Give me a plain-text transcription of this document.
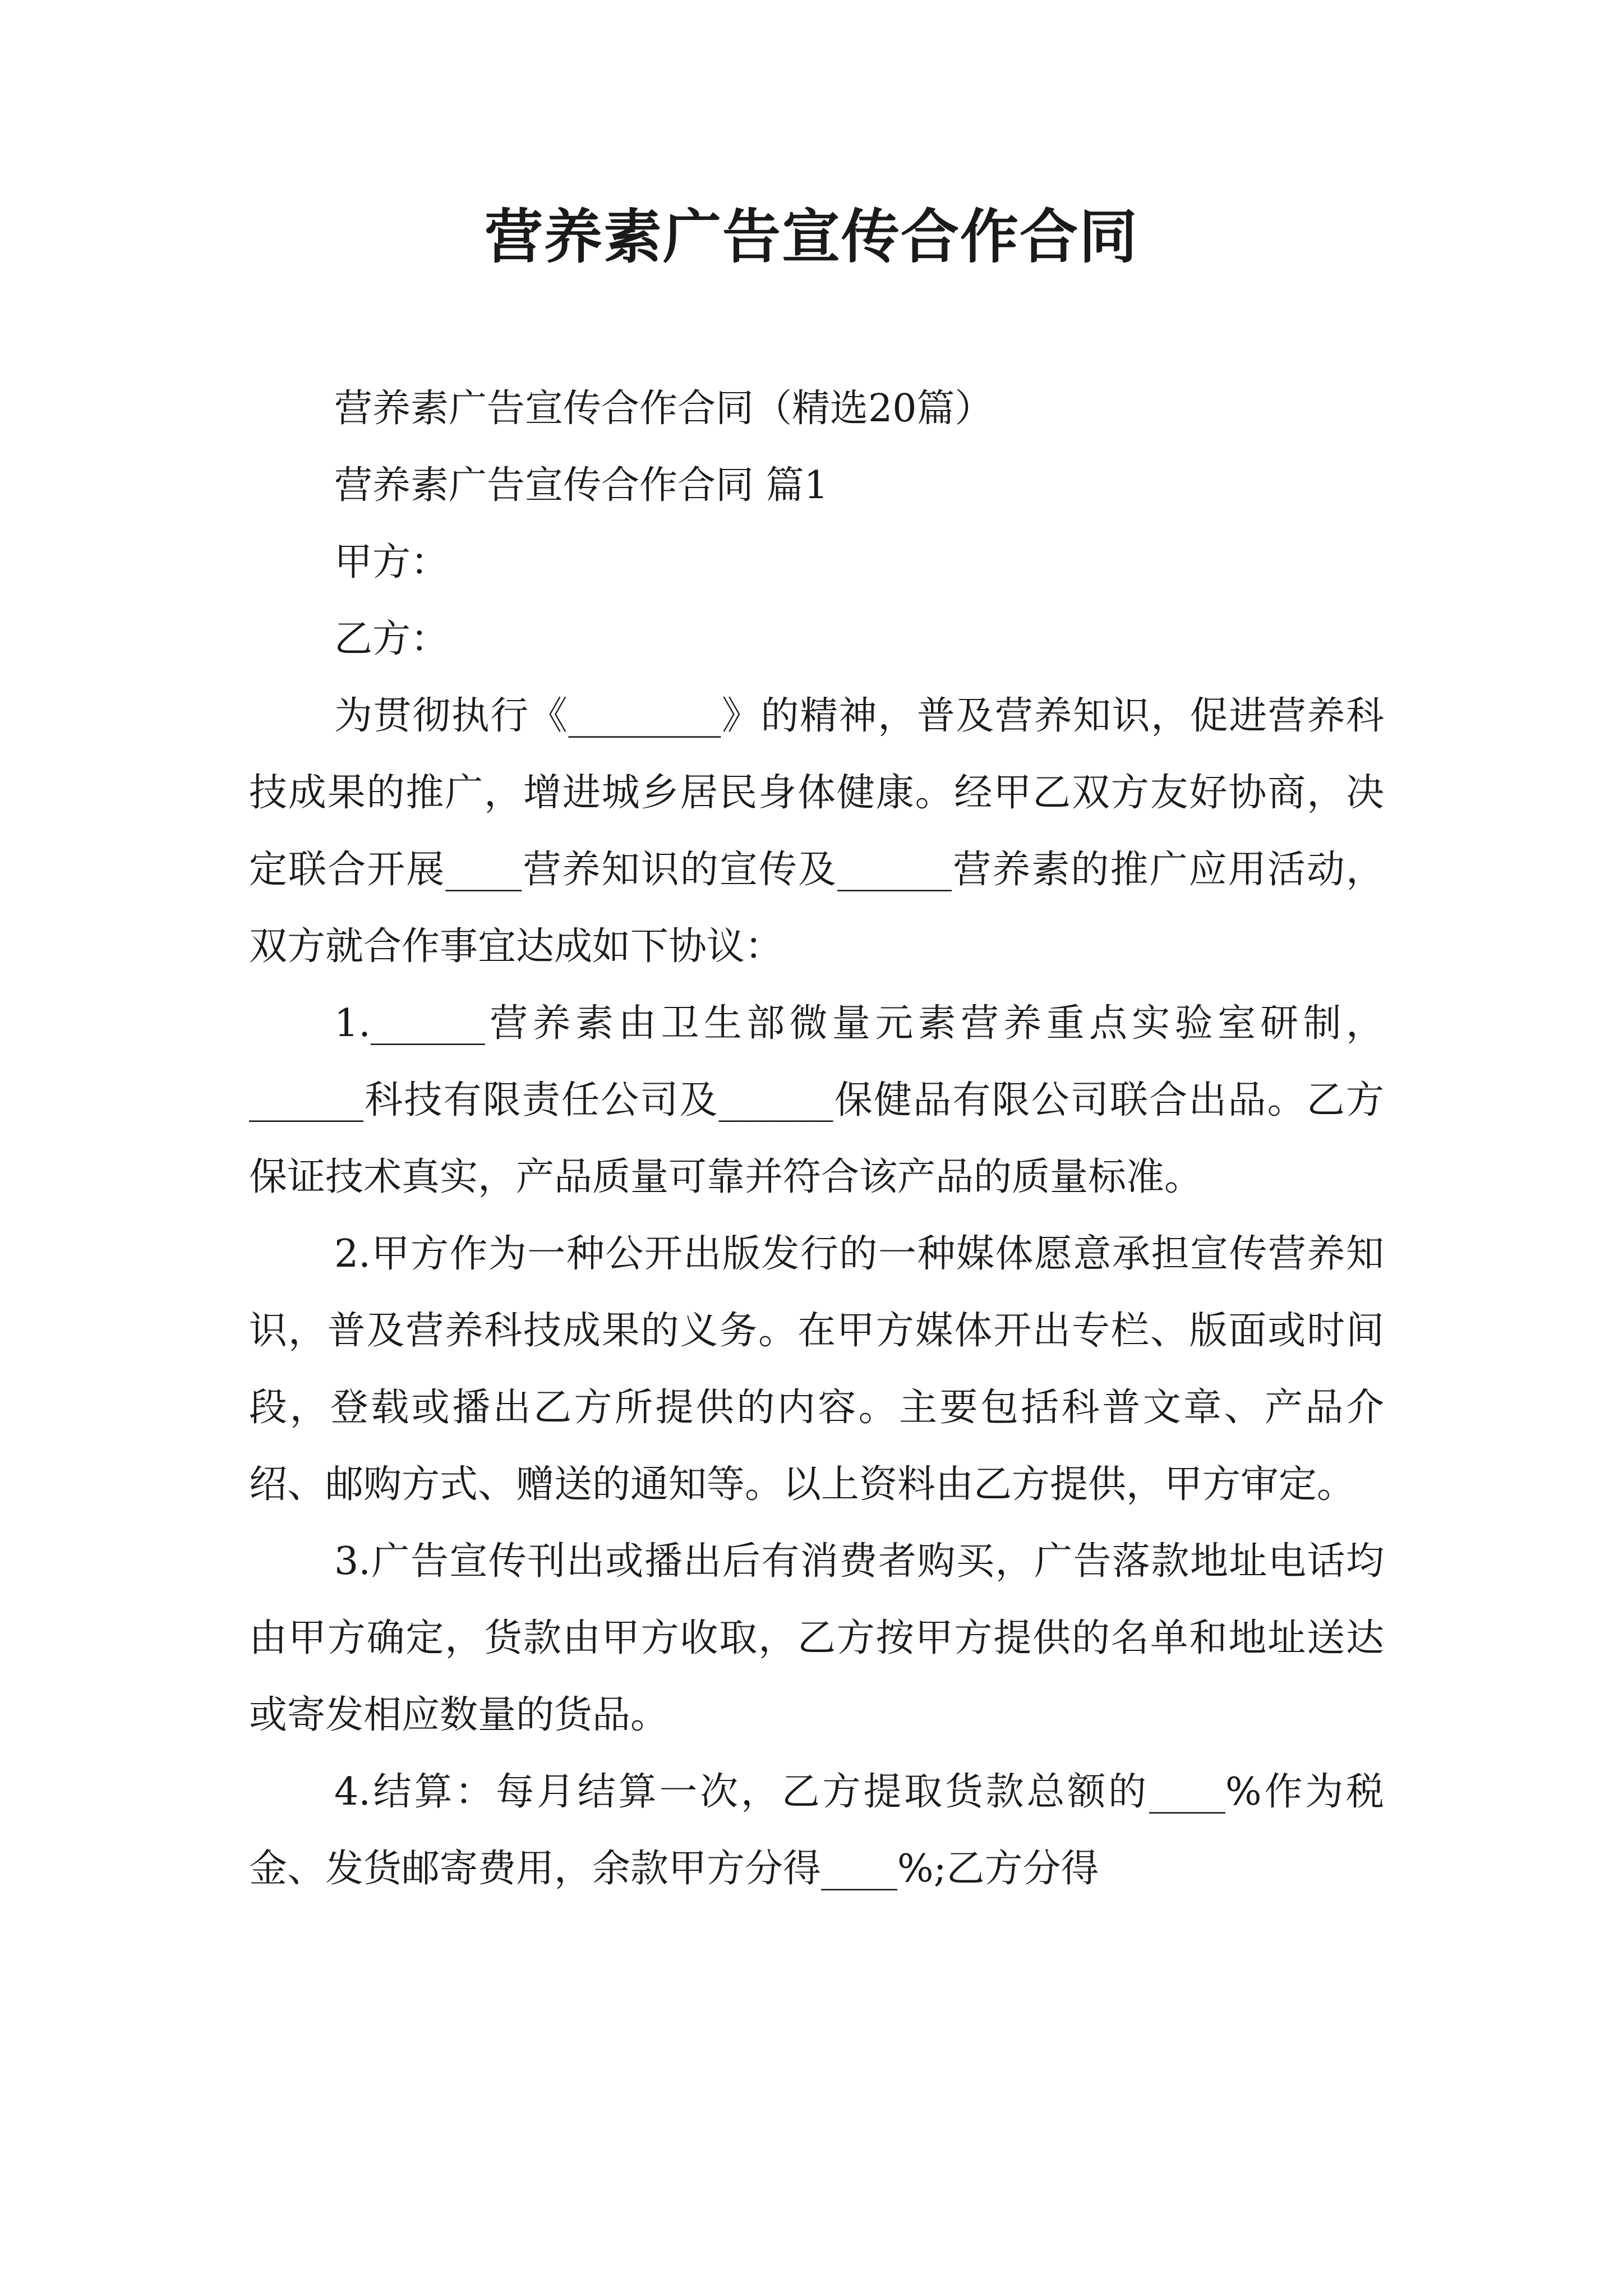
营养素广告宣传合作合同

营养素广告宣传合作合同（精选20篇）

营养素广告宣传合作合同 篇1

甲方：

乙方：

为贯彻执行《________》的精神，普及营养知识，促进营养科技成果的推广，增进城乡居民身体健康。经甲乙双方友好协商，决定联合开展____营养知识的宣传及______营养素的推广应用活动，双方就合作事宜达成如下协议：

1.______营养素由卫生部微量元素营养重点实验室研制，______科技有限责任公司及______保健品有限公司联合出品。乙方保证技术真实，产品质量可靠并符合该产品的质量标准。

2.甲方作为一种公开出版发行的一种媒体愿意承担宣传营养知识，普及营养科技成果的义务。在甲方媒体开出专栏、版面或时间段，登载或播出乙方所提供的内容。主要包括科普文章、产品介绍、邮购方式、赠送的通知等。以上资料由乙方提供，甲方审定。

3.广告宣传刊出或播出后有消费者购买，广告落款地址电话均由甲方确定，货款由甲方收取，乙方按甲方提供的名单和地址送达或寄发相应数量的货品。

4.结算：每月结算一次，乙方提取货款总额的____%作为税金、发货邮寄费用，余款甲方分得____%;乙方分得
